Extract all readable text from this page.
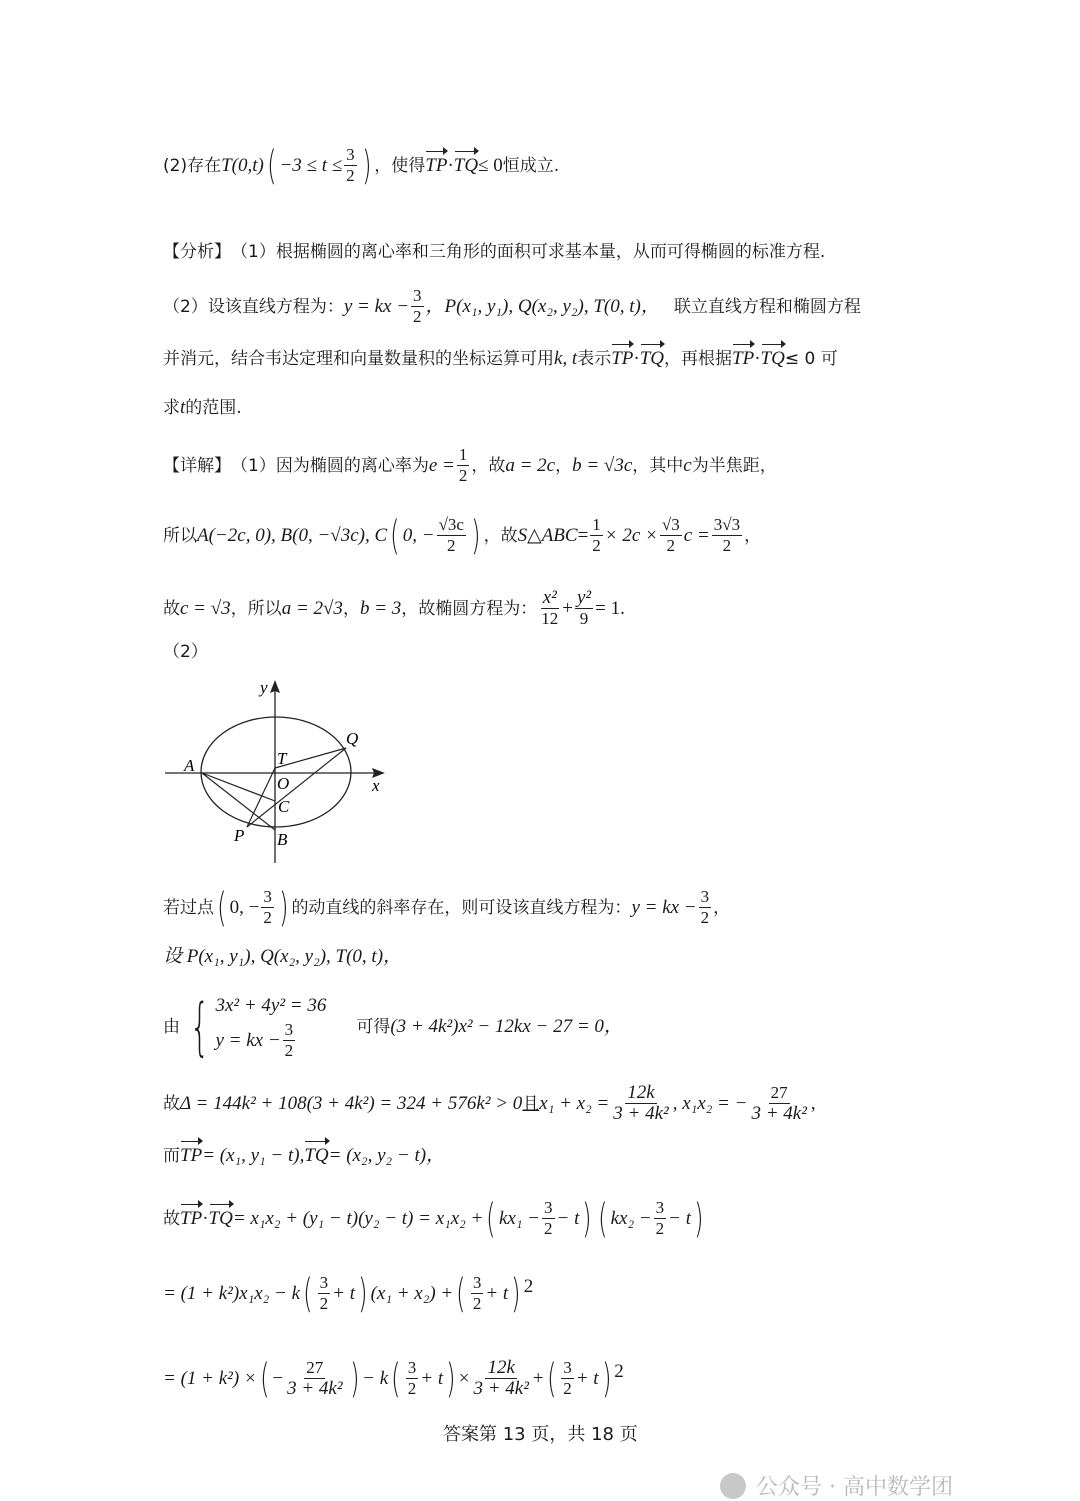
(2)存在 T(0,t) ( $-3 \le t \le \frac{3}{2}$ ) ，使得 TP · TQ ≤ 0 恒成立.
【分析】 （1）根据椭圆的离心率和三角形的面积可求基本量，从而可得椭圆的标准方程.
（2）设该直线方程为： y = kx − $\frac{3}{2}$ ，P(x₁, y₁), Q(x₂, y₂), T(0, t)， 联立直线方程和椭圆方程
并消元，结合韦达定理和向量数量积的坐标运算可用 k, t 表示 TP · TQ ，再根据 TP · TQ ≤ 0 可
求 t 的范围.
【详解】 （1）因为椭圆的离心率为 $e = \frac{1}{2}$ ，故 a = 2c ， b = √3c ，其中 c 为半焦距，
所以 A(−2c, 0), B(0, −√3c), C ( 0, − $\frac{√3c}{2}$ ) ，故 S △ABC = $\frac{1}{2} \times 2c \times \frac{√3}{2}$ $c = \frac{3√3}{2}$ ，
故 c = √3 ，所以 a = 2√3 ， b = 3 ，故椭圆方程为： $\frac{\text{x²}}{12} + \frac{\text{y²}}{9} = 1$.
（2）
y
x
A	T
O
C
P B
Q
若过点 ( 0, − $\frac{3}{2}$ ) 的动直线的斜率存在，则可设该直线方程为： y = kx − $\frac{3}{2}$ ，
设 P(x₁, y₁), Q(x₂, y₂), T(0, t)，
由 { 3x² + 4y² = 36
y = kx − $\frac{3}{2}$	可得 (3 + 4k²)x² − 12kx − 27 = 0，
故 Δ = 144k² + 108(3 + 4k²) = 324 + 576k² > 0 且 $x_1 + x_2 = \frac{12k}{\text{3 + 4k²}}$ , x₁x₂ = − $\frac{27}{\text{3 + 4k²}}$ ,
而 TP = (x₁, y₁ − t), TQ = (x₂, y₂ − t)，
故 TP · TQ = x₁x₂ + (y₁ − t)(y₂ − t) = x₁x₂ + ( $kx_1 - \frac{3}{2} - t$ ) ( $kx_2 - \frac{3}{2} - t$ )
= (1 + k²)x₁x₂ − k ( $\frac{3}{2} + t$ ) (x₁ + x₂) + ( $\frac{3}{2} + t$ ) 2
= (1 + k²) × ( − $\frac{27}{\text{3 + 4k²}}$ ) − k ( $\frac{3}{2} + t$ ) × $\frac{12k}{\text{3 + 4k²}}$ + ( $\frac{3}{2} + t$ ) 2
答案第 13 页，共 18 页
公众号 · 高中数学团
